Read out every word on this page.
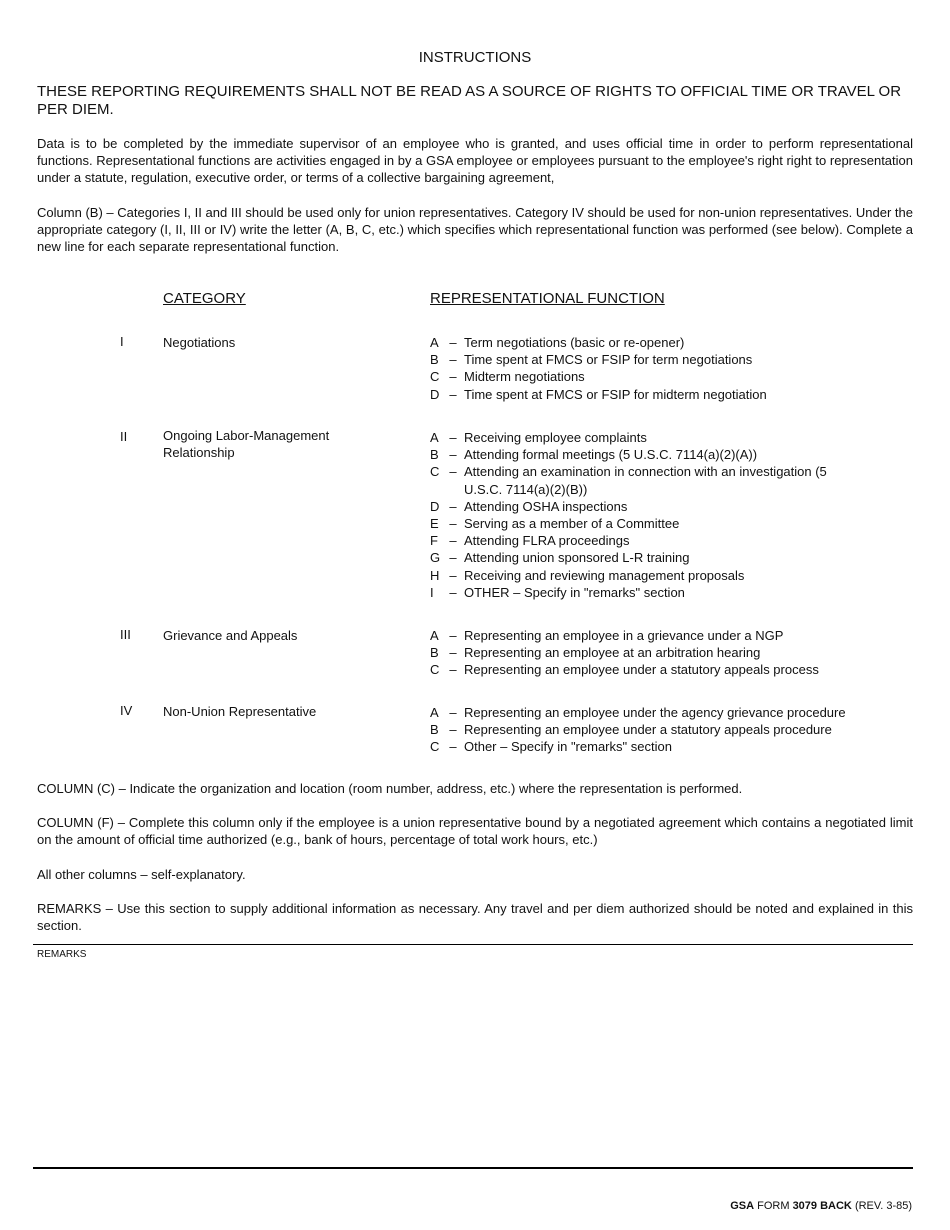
INSTRUCTIONS
THESE REPORTING REQUIREMENTS SHALL NOT BE READ AS A SOURCE OF RIGHTS TO OFFICIAL TIME OR TRAVEL OR PER DIEM.

Data is to be completed by the immediate supervisor of an employee who is granted, and uses official time in order to perform representational functions. Representational functions are activities engaged in by a GSA employee or employees pursuant to the employee's right right to representation under a statute, regulation, executive order, or terms of a collective bargaining agreement,

Column (B) – Categories I, II and III should be used only for union representatives. Category IV should be used for non-union representatives. Under the appropriate category (I, II, III or IV) write the letter (A, B, C, etc.) which specifies which representational function was performed (see below). Complete a new line for each separate representational function.

CATEGORY	REPRESENTATIONAL FUNCTION
I	Negotiations	A – Term negotiations (basic or re-opener)
B – Time spent at FMCS or FSIP for term negotiations
C – Midterm negotiations
D – Time spent at FMCS or FSIP for midterm negotiation
II	Ongoing Labor-Management Relationship
A – Receiving employee complaints
B – Attending formal meetings (5 U.S.C. 7114(a)(2)(A))
C – Attending an examination in connection with an investigation (5 U.S.C. 7114(a)(2)(B))
D – Attending OSHA inspections
E – Serving as a member of a Committee
F – Attending FLRA proceedings
G – Attending union sponsored L-R training
H – Receiving and reviewing management proposals
I	– OTHER – Specify in "remarks" section
III Grievance and Appeals	A – Representing an employee in a grievance under a NGP
B – Representing an employee at an arbitration hearing
C – Representing an employee under a statutory appeals process
IV Non-Union Representative	A – Representing an employee under the agency grievance procedure
B – Representing an employee under a statutory appeals procedure
C – Other – Specify in "remarks" section

COLUMN (C) – Indicate the organization and location (room number, address, etc.) where the representation is performed.

COLUMN (F) – Complete this column only if the employee is a union representative bound by a negotiated agreement which contains a negotiated limit on the amount of official time authorized (e.g., bank of hours, percentage of total work hours, etc.)

All other columns – self-explanatory.

REMARKS – Use this section to supply additional information as necessary. Any travel and per diem authorized should be noted and explained in this section.

REMARKS
GSA FORM 3079 BACK (REV. 3-85)
